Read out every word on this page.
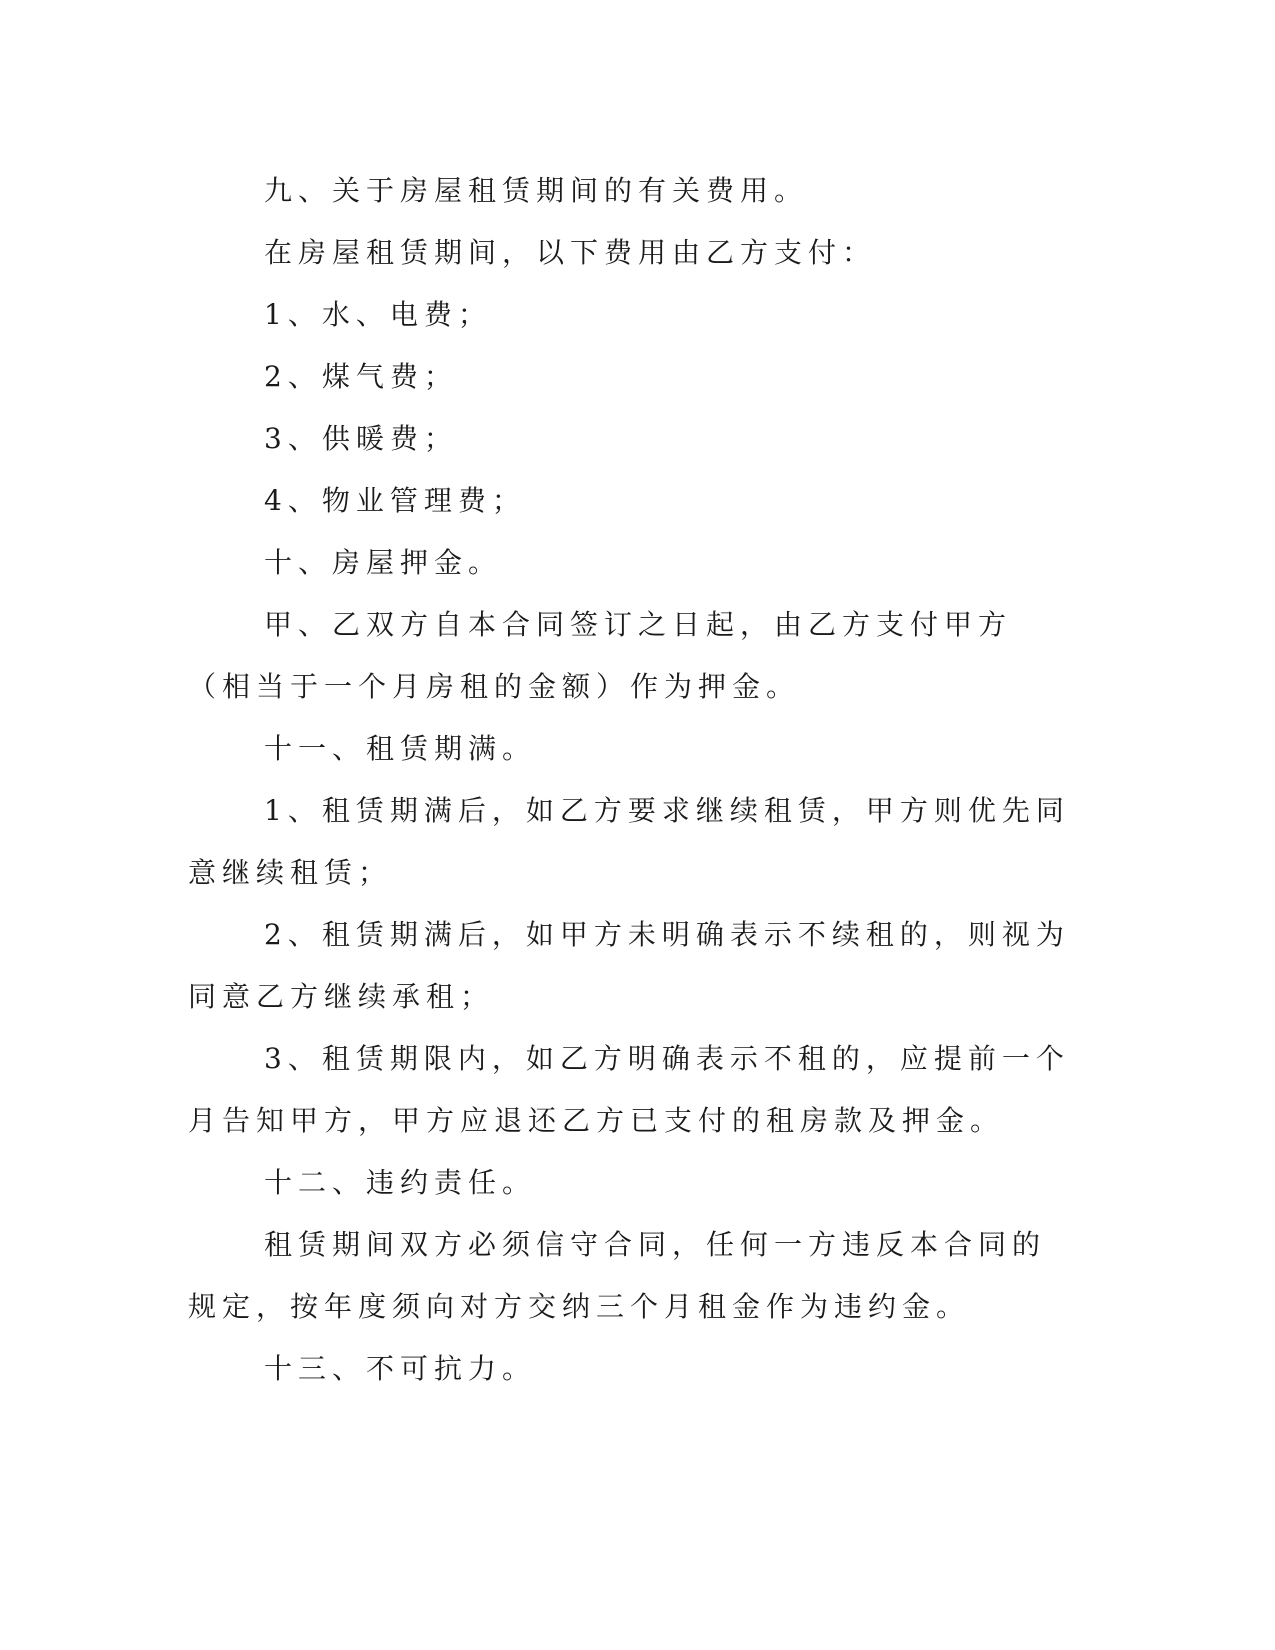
九、关于房屋租赁期间的有关费用。

在房屋租赁期间，以下费用由乙方支付：

1、水、电费；

2、煤气费；

3、供暖费；

4、物业管理费；

十、房屋押金。

甲、乙双方自本合同签订之日起，由乙方支付甲方（相当于一个月房租的金额）作为押金。

十一、租赁期满。

1、租赁期满后，如乙方要求继续租赁，甲方则优先同意继续租赁；

2、租赁期满后，如甲方未明确表示不续租的，则视为同意乙方继续承租；

3、租赁期限内，如乙方明确表示不租的，应提前一个月告知甲方，甲方应退还乙方已支付的租房款及押金。

十二、违约责任。

租赁期间双方必须信守合同，任何一方违反本合同的规定，按年度须向对方交纳三个月租金作为违约金。

十三、不可抗力。
